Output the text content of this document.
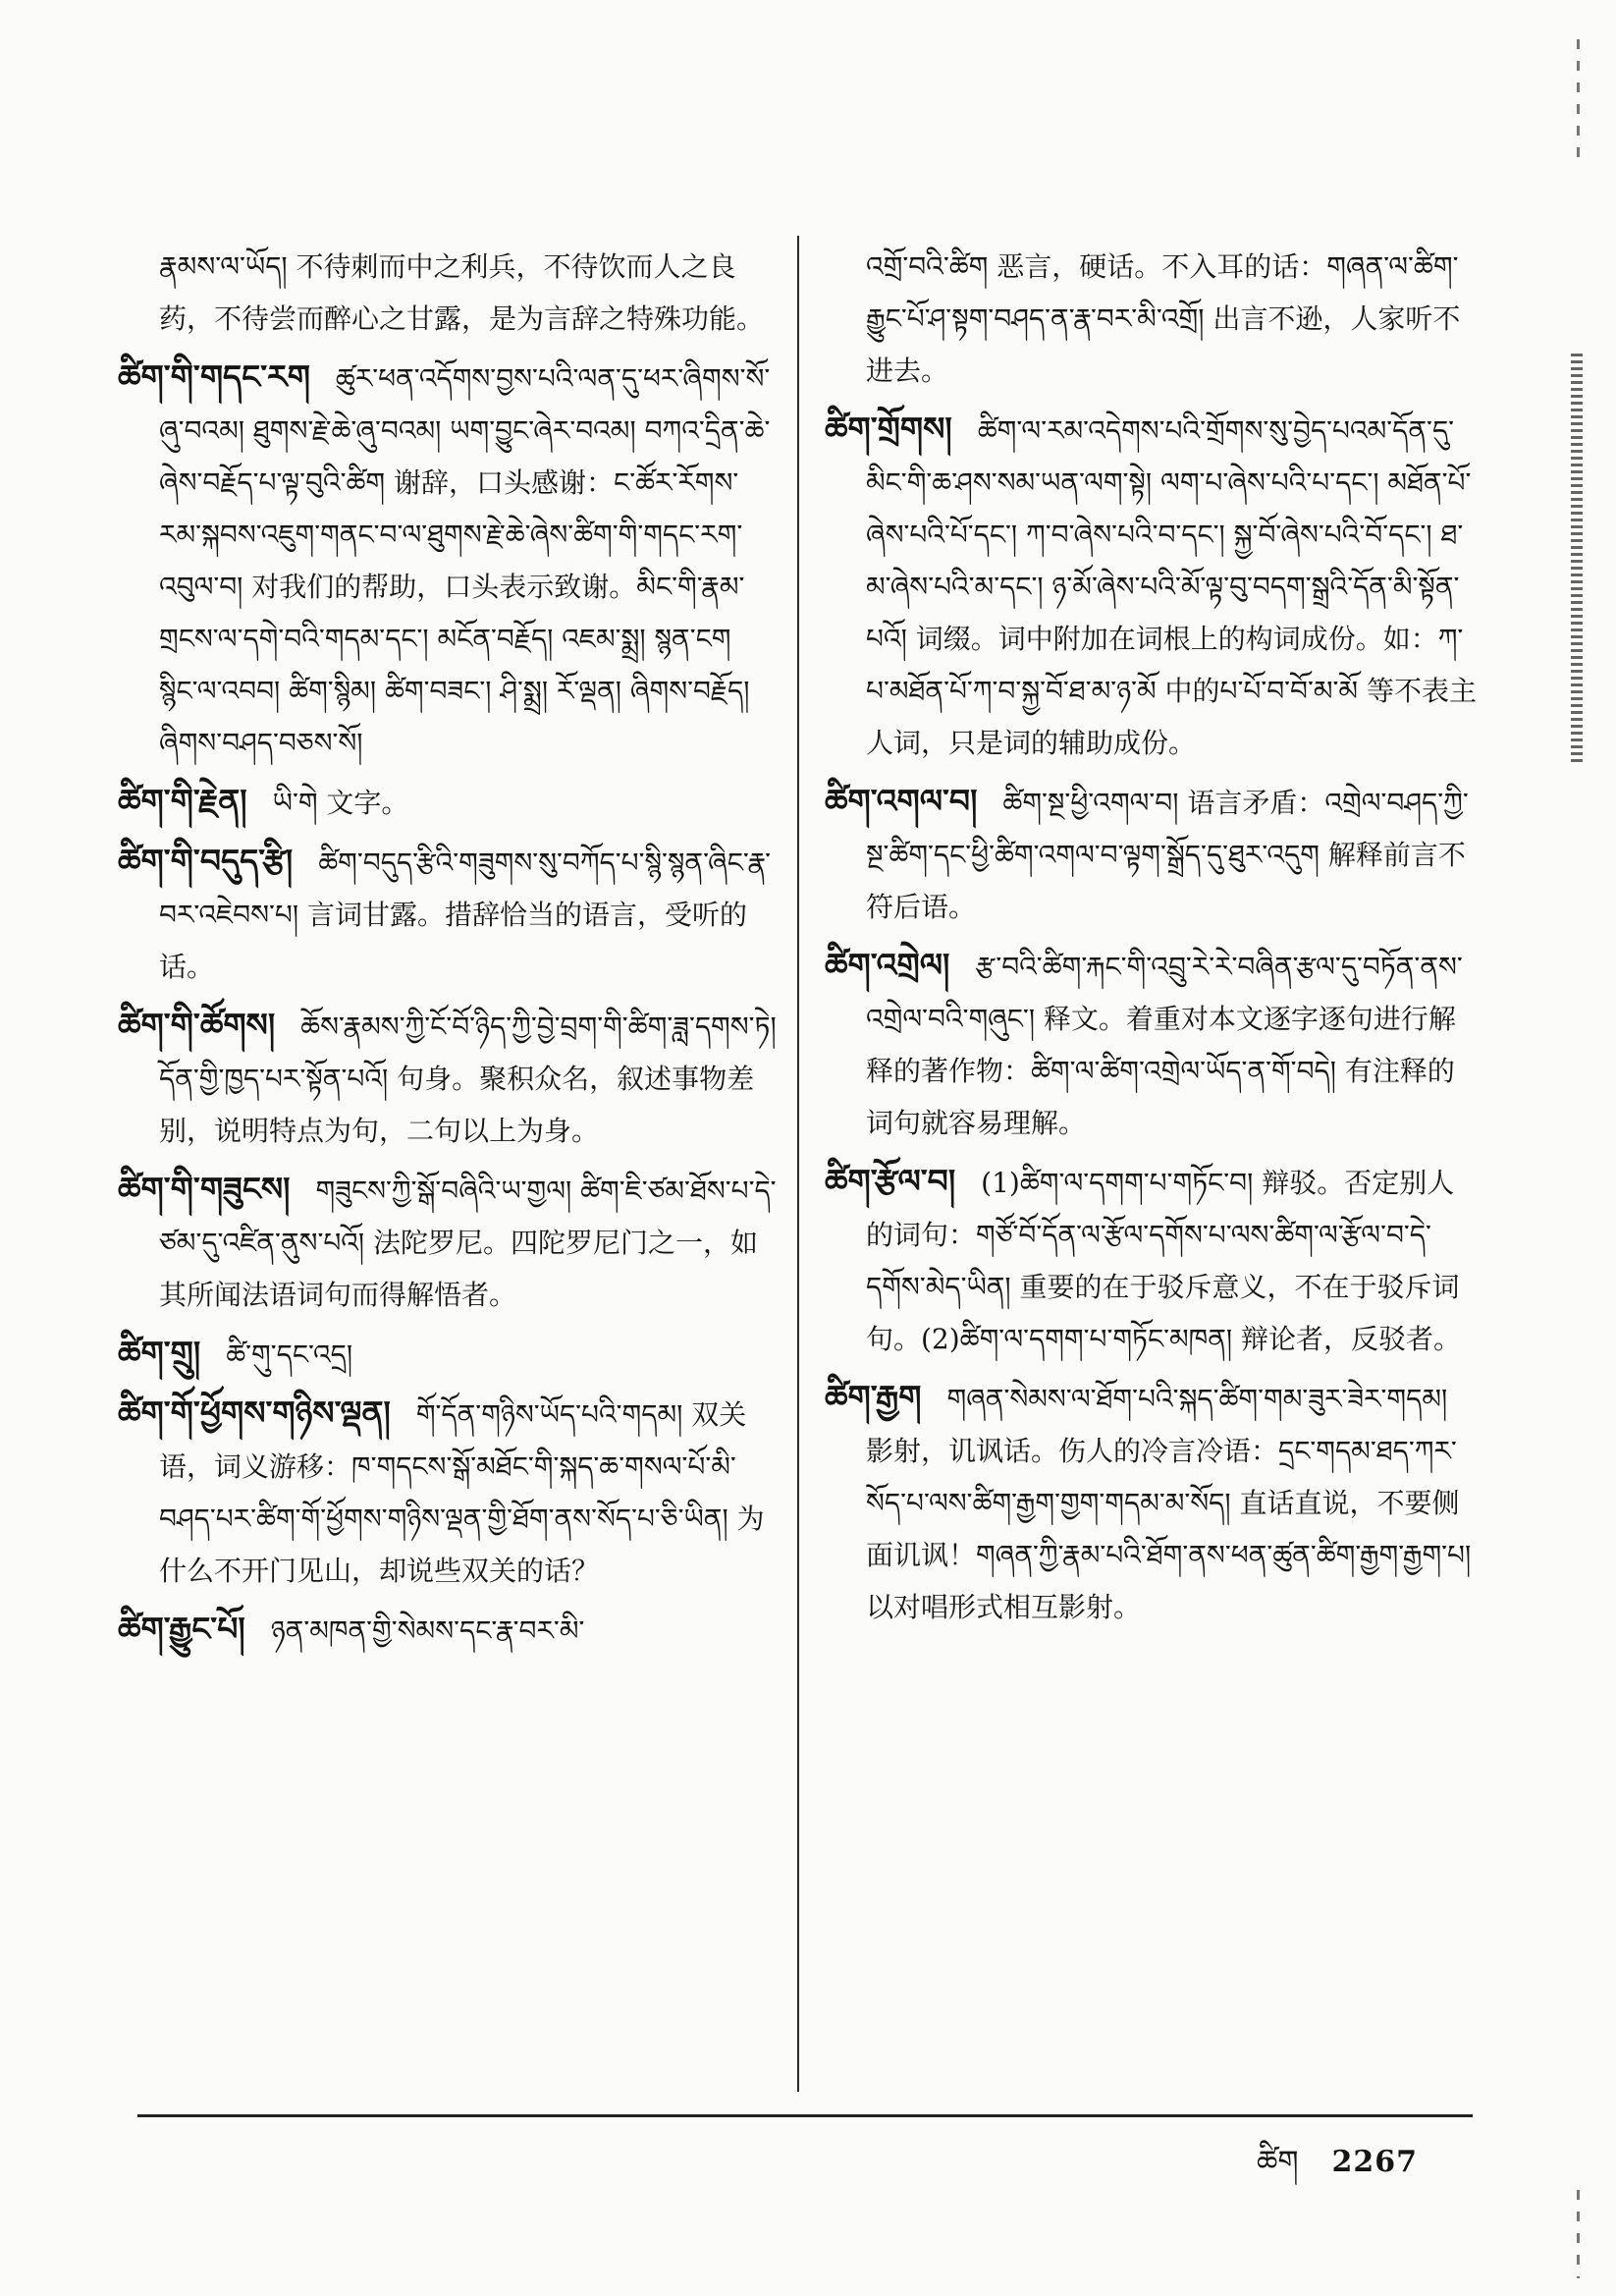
རྣམས་ལ་ཡོད། 不待刺而中之利兵，不待饮而人之良药，不待尝而醉心之甘露，是为言辞之特殊功能。
ཚིག་གི་གདང་རག ཚུར་ཕན་འདོགས་བྱས་པའི་ལན་དུ་ཕར་ཞིགས་སོ་ཞུ་བའམ། ཐུགས་རྗེ་ཆེ་ཞུ་བའམ། ཡག་བྱུང་ཞེར་བའམ། བཀའ་དྲིན་ཆེ་ཞེས་བརྗོད་པ་ལྟ་བུའི་ཚིག 谢辞，口头感谢：ང་ཚོར་རོགས་རམ་སྐབས་འཇུག་གནང་བ་ལ་ཐུགས་རྗེ་ཆེ་ཞེས་ཚིག་གི་གདང་རག་འབུལ་བ། 对我们的帮助，口头表示致谢。མིང་གི་རྣམ་གྲངས་ལ་དགེ་བའི་གདམ་དང་། མངོན་བརྗོད། འཇམ་སྨྲ། སྙན་ངག སྙིང་ལ་འབབ། ཚིག་སྙིམ། ཚིག་བཟང་། ཤི་སྨྲ། རོ་ལྡན། ཞིགས་བརྗོད། ཞིགས་བཤད་བཅས་སོ།
ཚིག་གི་རྗེན། ཡི་གེ 文字。
ཚིག་གི་བདུད་རྩི། ཚིག་བདུད་རྩིའི་གཟུགས་སུ་བཀོད་པ་སྙི་སྙན་ཞིང་རྣ་བར་འཇེབས་པ། 言词甘露。措辞恰当的语言，受听的话。
ཚིག་གི་ཚོགས། ཆོས་རྣམས་ཀྱི་ངོ་བོ་ཉིད་ཀྱི་བྱེ་བྲག་གི་ཚིག་ཟླ་དགས་ཏེ། དོན་གྱི་ཁྱད་པར་སྟོན་པའོ། 句身。聚积众名，叙述事物差别，说明特点为句，二句以上为身。
ཚིག་གི་གཟུངས། གཟུངས་ཀྱི་སྒོ་བཞིའི་ཡ་གྱལ། ཚིག་ཇི་ཙམ་ཐོས་པ་དེ་ཙམ་དུ་འཛིན་ནུས་པའོ། 法陀罗尼。四陀罗尼门之一，如其所闻法语词句而得解悟者。
ཚིག་གྲུ། ཚི་གུ་དང་འདྲ།
ཚིག་གོ་ཕྱོགས་གཉིས་ལྡན། གོ་དོན་གཉིས་ཡོད་པའི་གདམ། 双关语，词义游移：ཁ་གདངས་སྒོ་མཐོང་གི་སྐད་ཆ་གསལ་པོ་མི་བཤད་པར་ཚིག་གོ་ཕྱོགས་གཉིས་ལྡན་གྱི་ཐོག་ནས་སོད་པ་ཅི་ཡིན། 为什么不开门见山，却说些双关的话？
ཚིག་རྒྱུང་པོ། ཉན་མཁན་གྱི་སེམས་དང་རྣ་བར་མི་
འགྲོ་བའི་ཚིག 恶言，硬话。不入耳的话：གཞན་ལ་ཚིག་རྒྱུང་པོ་ཤ་སྟག་བཤད་ན་རྣ་བར་མི་འགྲོ། 出言不逊，人家听不进去。
ཚིག་གྲོགས། ཚིག་ལ་རམ་འདེགས་པའི་གྲོགས་སུ་བྱེད་པའམ་དོན་དུ་མིང་གི་ཆ་ཤས་སམ་ཡན་ལག་སྟེ། ལག་པ་ཞེས་པའི་པ་དང་། མཐོན་པོ་ཞེས་པའི་པོ་དང་། ཀ་བ་ཞེས་པའི་བ་དང་། སྐྱ་བོ་ཞེས་པའི་བོ་དང་། ཐ་མ་ཞེས་པའི་མ་དང་། ཉ་མོ་ཞེས་པའི་མོ་ལྟ་བུ་བདག་སྒྲའི་དོན་མི་སྟོན་པའོ། 词缀。词中附加在词根上的构词成份。如：ཀ་པ་མཐོན་པོ་ཀ་བ་སྐྱ་བོ་ཐ་མ་ཉ་མོ 中的པ་པོ་བ་བོ་མ་མོ 等不表主人词，只是词的辅助成份。
ཚིག་འགལ་བ། ཚིག་སྔ་ཕྱི་འགལ་བ། 语言矛盾：འགྲེལ་བཤད་ཀྱི་སྔ་ཚིག་དང་ཕྱི་ཚིག་འགལ་བ་ལྟག་སྒྲོད་དུ་ཐུར་འདུག 解释前言不符后语。
ཚིག་འགྲེལ། རྩ་བའི་ཚིག་རྐང་གི་འབྲུ་རེ་རེ་བཞིན་རྩལ་དུ་བཏོན་ནས་འགྲེལ་བའི་གཞུང་། 释文。着重对本文逐字逐句进行解释的著作物：ཚིག་ལ་ཚིག་འགྲེལ་ཡོད་ན་གོ་བདེ། 有注释的词句就容易理解。
ཚིག་རྩོལ་བ། (1)ཚིག་ལ་དགག་པ་གཏོང་བ། 辩驳。否定别人的词句：གཙོ་བོ་དོན་ལ་རྩོལ་དགོས་པ་ལས་ཚིག་ལ་རྩོལ་བ་དེ་དགོས་མེད་ཡིན། 重要的在于驳斥意义，不在于驳斥词句。(2)ཚིག་ལ་དགག་པ་གཏོང་མཁན། 辩论者，反驳者。
ཚིག་རྒྱག གཞན་སེམས་ལ་ཐོག་པའི་སྐད་ཚིག་གམ་ཟུར་ཟེར་གདམ། 影射，讥讽话。伤人的冷言冷语：དྲང་གདམ་ཐད་ཀར་སོད་པ་ལས་ཚིག་རྒྱག་གྱག་གདམ་མ་སོད། 直话直说，不要侧面讥讽！གཞན་ཀྱི་རྣམ་པའི་ཐོག་ནས་ཕན་ཚུན་ཚིག་རྒྱག་རྒྱག་པ། 以对唱形式相互影射。
ཚིག 2267
